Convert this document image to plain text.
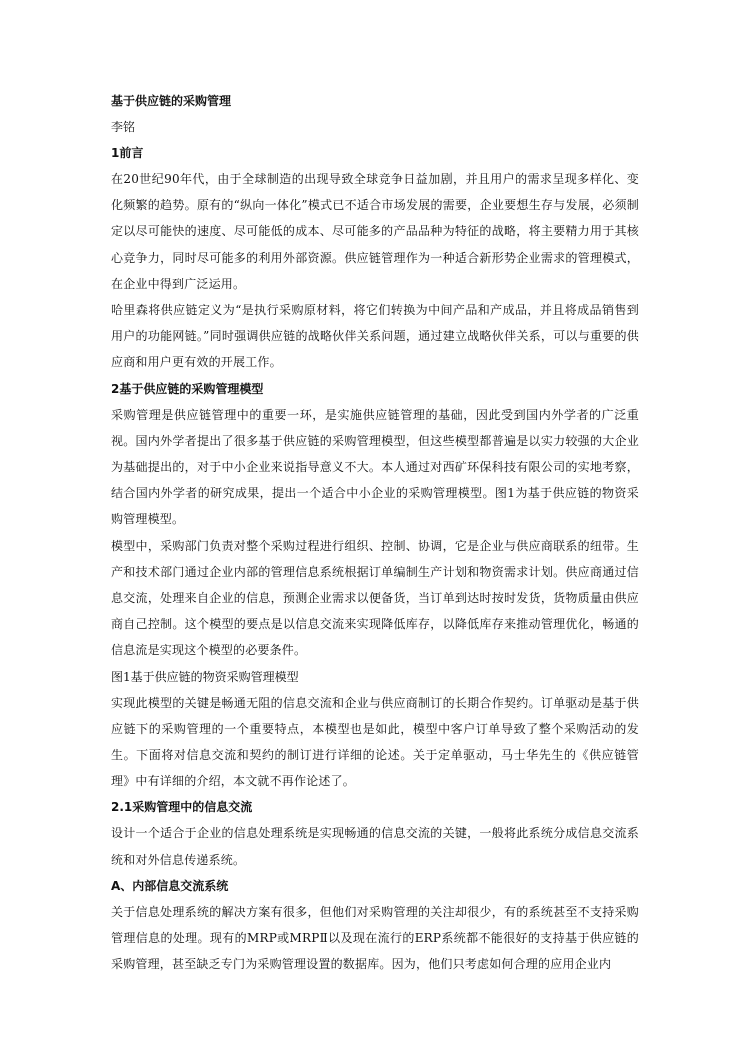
基于供应链的采购管理

李铭

1前言

在20世纪90年代，由于全球制造的出现导致全球竞争日益加剧，并且用户的需求呈现多样化、变化频繁的趋势。原有的“纵向一体化”模式已不适合市场发展的需要，企业要想生存与发展，必须制定以尽可能快的速度、尽可能低的成本、尽可能多的产品品种为特征的战略，将主要精力用于其核心竞争力，同时尽可能多的利用外部资源。供应链管理作为一种适合新形势企业需求的管理模式，在企业中得到广泛运用。

哈里森将供应链定义为“是执行采购原材料，将它们转换为中间产品和产成品，并且将成品销售到用户的功能网链。”同时强调供应链的战略伙伴关系问题，通过建立战略伙伴关系，可以与重要的供应商和用户更有效的开展工作。

2基于供应链的采购管理模型

采购管理是供应链管理中的重要一环，是实施供应链管理的基础，因此受到国内外学者的广泛重视。国内外学者提出了很多基于供应链的采购管理模型，但这些模型都普遍是以实力较强的大企业为基础提出的，对于中小企业来说指导意义不大。本人通过对西矿环保科技有限公司的实地考察，结合国内外学者的研究成果，提出一个适合中小企业的采购管理模型。图1为基于供应链的物资采购管理模型。

模型中，采购部门负责对整个采购过程进行组织、控制、协调，它是企业与供应商联系的纽带。生产和技术部门通过企业内部的管理信息系统根据订单编制生产计划和物资需求计划。供应商通过信息交流，处理来自企业的信息，预测企业需求以便备货，当订单到达时按时发货，货物质量由供应商自己控制。这个模型的要点是以信息交流来实现降低库存，以降低库存来推动管理优化，畅通的信息流是实现这个模型的必要条件。

图1基于供应链的物资采购管理模型

实现此模型的关键是畅通无阻的信息交流和企业与供应商制订的长期合作契约。订单驱动是基于供应链下的采购管理的一个重要特点，本模型也是如此，模型中客户订单导致了整个采购活动的发生。下面将对信息交流和契约的制订进行详细的论述。关于定单驱动，马士华先生的《供应链管理》中有详细的介绍，本文就不再作论述了。

2.1采购管理中的信息交流

设计一个适合于企业的信息处理系统是实现畅通的信息交流的关键，一般将此系统分成信息交流系统和对外信息传递系统。

A、内部信息交流系统

关于信息处理系统的解决方案有很多，但他们对采购管理的关注却很少，有的系统甚至不支持采购管理信息的处理。现有的MRP或MRPⅡ以及现在流行的ERP系统都不能很好的支持基于供应链的采购管理，甚至缺乏专门为采购管理设置的数据库。因为，他们只考虑如何合理的应用企业内
